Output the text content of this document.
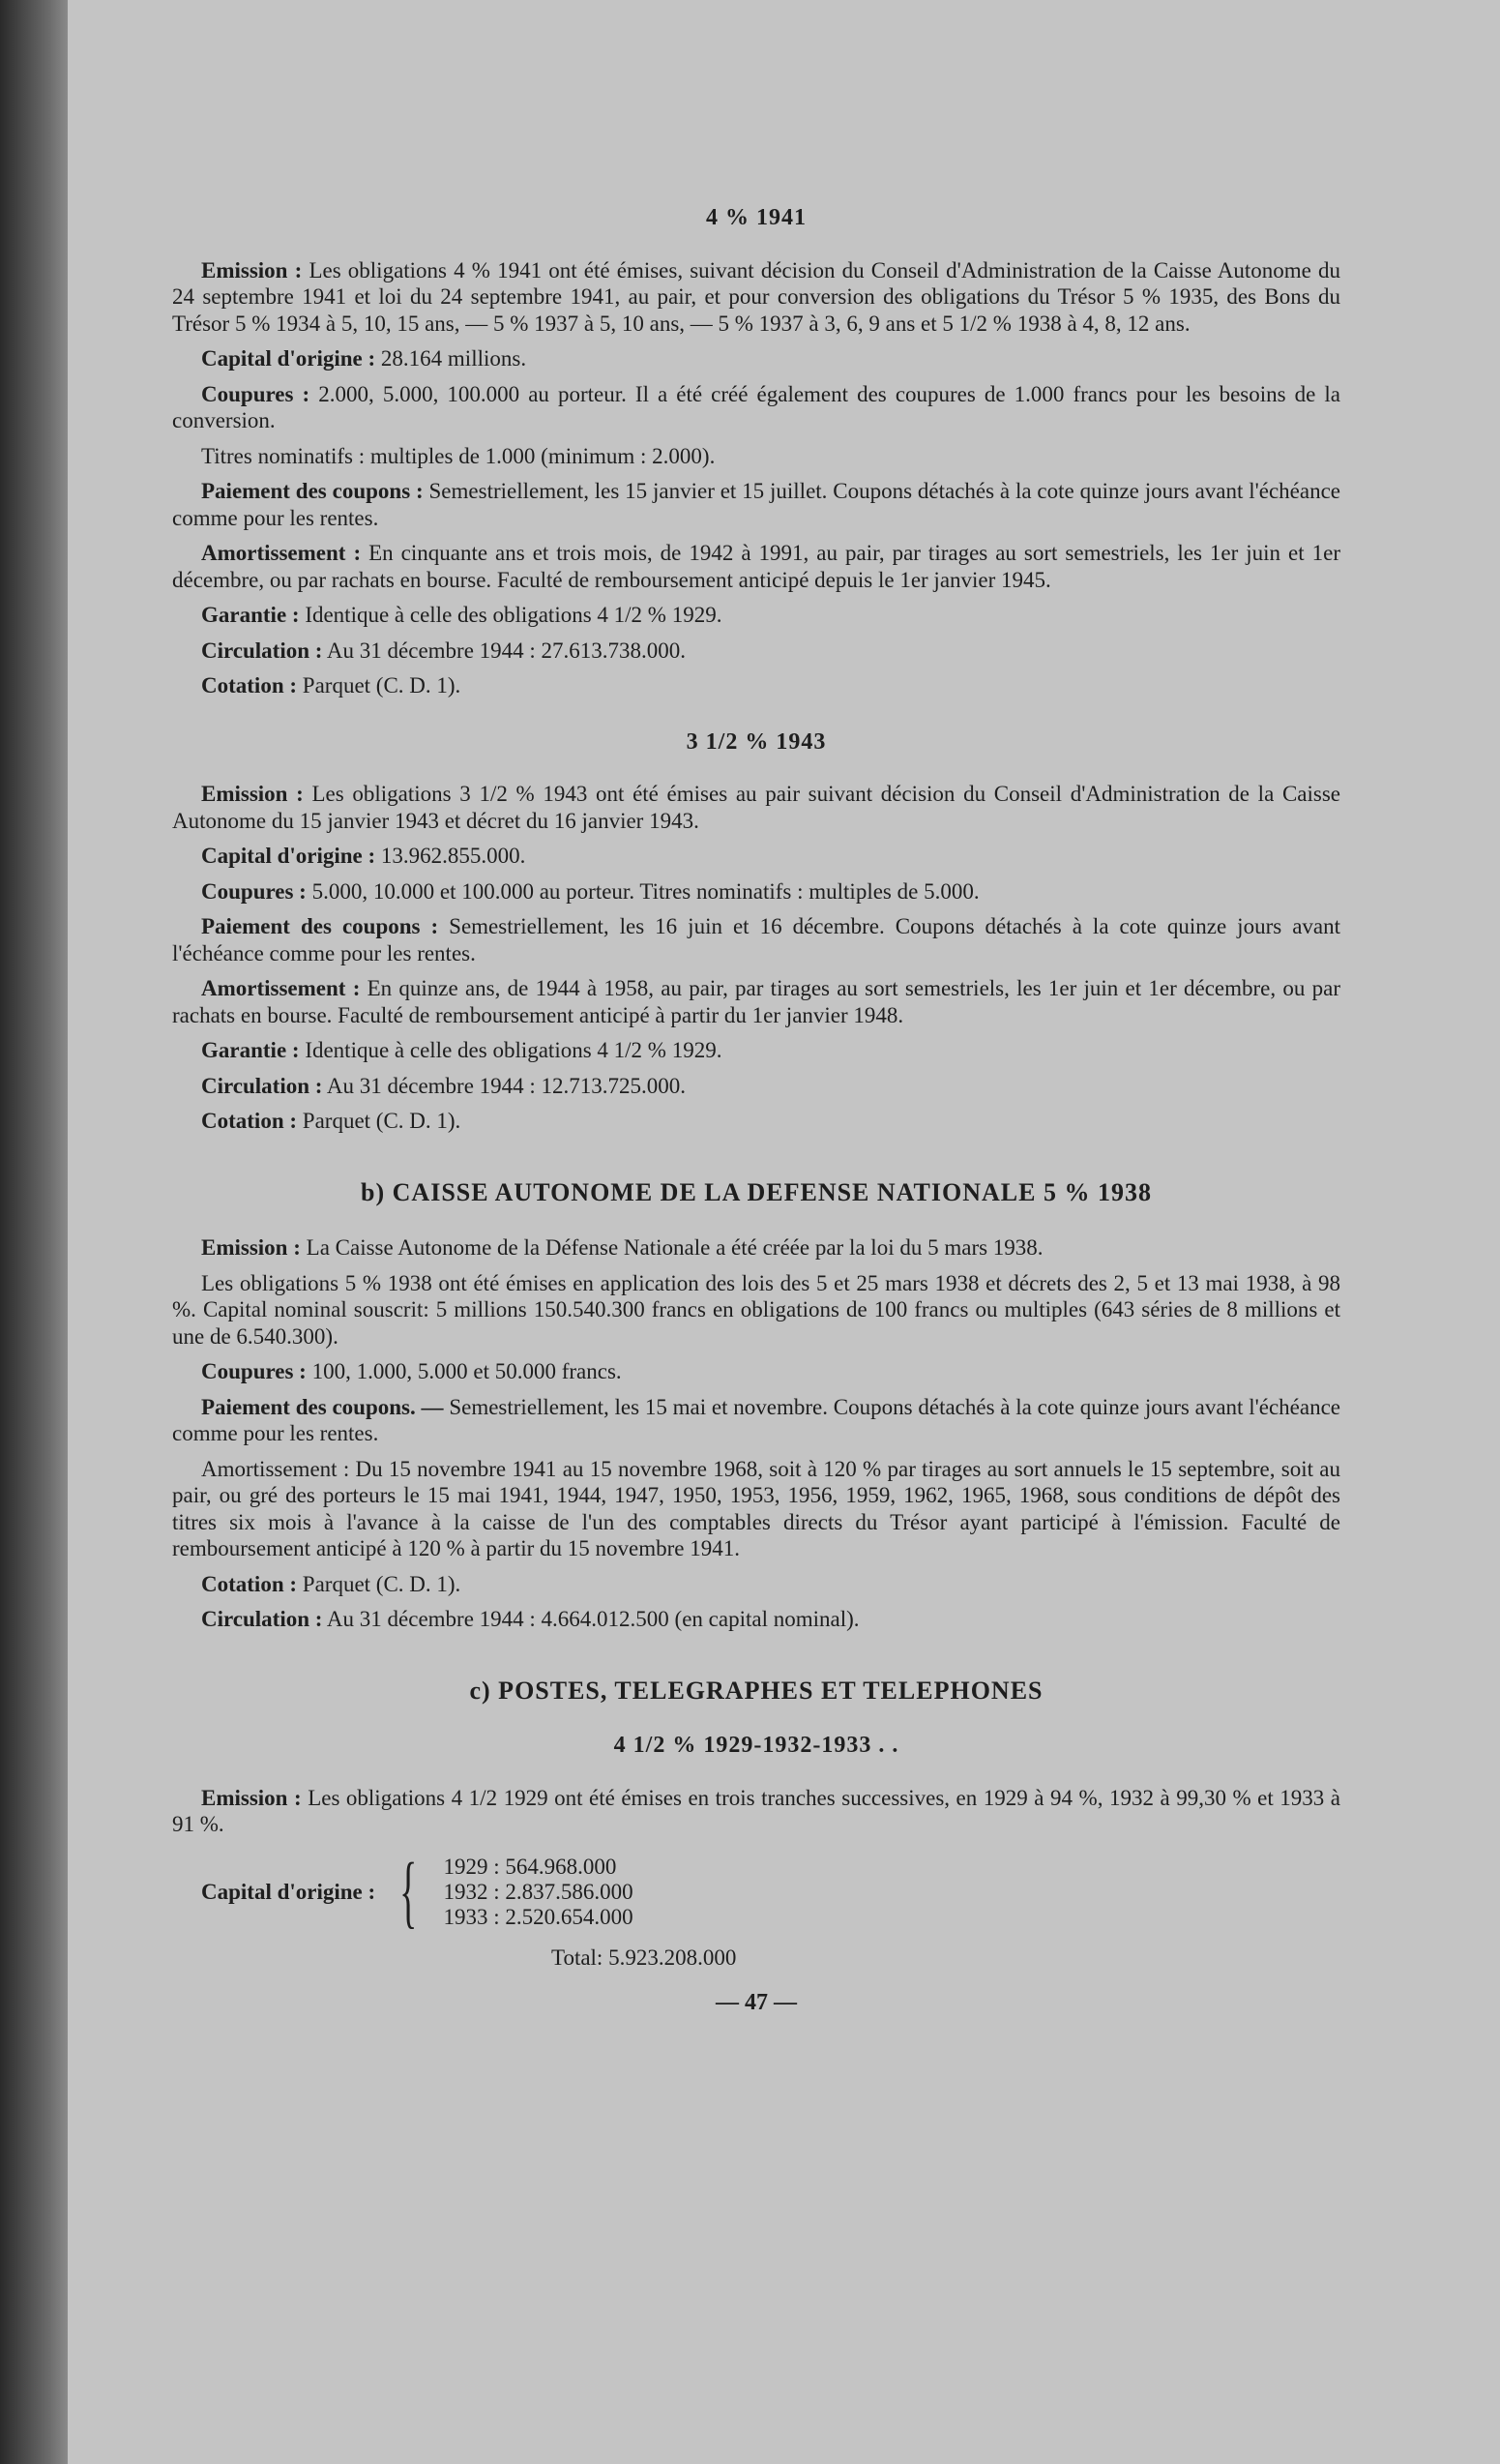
4 % 1941

Emission : Les obligations 4 % 1941 ont été émises, suivant décision du Conseil d'Administration de la Caisse Autonome du 24 septembre 1941 et loi du 24 septembre 1941, au pair, et pour conversion des obligations du Trésor 5 % 1935, des Bons du Trésor 5 % 1934 à 5, 10, 15 ans, — 5 % 1937 à 5, 10 ans, — 5 % 1937 à 3, 6, 9 ans et 5 1/2 % 1938 à 4, 8, 12 ans.

Capital d'origine : 28.164 millions.

Coupures : 2.000, 5.000, 100.000 au porteur. Il a été créé également des coupures de 1.000 francs pour les besoins de la conversion.

Titres nominatifs : multiples de 1.000 (minimum : 2.000).

Paiement des coupons : Semestriellement, les 15 janvier et 15 juillet. Coupons détachés à la cote quinze jours avant l'échéance comme pour les rentes.

Amortissement : En cinquante ans et trois mois, de 1942 à 1991, au pair, par tirages au sort semestriels, les 1er juin et 1er décembre, ou par rachats en bourse. Faculté de remboursement anticipé depuis le 1er janvier 1945.

Garantie : Identique à celle des obligations 4 1/2 % 1929.

Circulation : Au 31 décembre 1944 : 27.613.738.000.

Cotation : Parquet (C. D. 1).

3 1/2 % 1943

Emission : Les obligations 3 1/2 % 1943 ont été émises au pair suivant décision du Conseil d'Administration de la Caisse Autonome du 15 janvier 1943 et décret du 16 janvier 1943.

Capital d'origine : 13.962.855.000.

Coupures : 5.000, 10.000 et 100.000 au porteur. Titres nominatifs : multiples de 5.000.

Paiement des coupons : Semestriellement, les 16 juin et 16 décembre. Coupons détachés à la cote quinze jours avant l'échéance comme pour les rentes.

Amortissement : En quinze ans, de 1944 à 1958, au pair, par tirages au sort semestriels, les 1er juin et 1er décembre, ou par rachats en bourse. Faculté de remboursement anticipé à partir du 1er janvier 1948.

Garantie : Identique à celle des obligations 4 1/2 % 1929.

Circulation : Au 31 décembre 1944 : 12.713.725.000.

Cotation : Parquet (C. D. 1).

b) CAISSE AUTONOME DE LA DEFENSE NATIONALE 5 % 1938

Emission : La Caisse Autonome de la Défense Nationale a été créée par la loi du 5 mars 1938.

Les obligations 5 % 1938 ont été émises en application des lois des 5 et 25 mars 1938 et décrets des 2, 5 et 13 mai 1938, à 98 %. Capital nominal souscrit: 5 millions 150.540.300 francs en obligations de 100 francs ou multiples (643 séries de 8 millions et une de 6.540.300).

Coupures : 100, 1.000, 5.000 et 50.000 francs.

Paiement des coupons. — Semestriellement, les 15 mai et novembre. Coupons détachés à la cote quinze jours avant l'échéance comme pour les rentes.

Amortissement : Du 15 novembre 1941 au 15 novembre 1968, soit à 120 % par tirages au sort annuels le 15 septembre, soit au pair, ou gré des porteurs le 15 mai 1941, 1944, 1947, 1950, 1953, 1956, 1959, 1962, 1965, 1968, sous conditions de dépôt des titres six mois à l'avance à la caisse de l'un des comptables directs du Trésor ayant participé à l'émission. Faculté de remboursement anticipé à 120 % à partir du 15 novembre 1941.

Cotation : Parquet (C. D. 1).

Circulation : Au 31 décembre 1944 : 4.664.012.500 (en capital nominal).

c) POSTES, TELEGRAPHES ET TELEPHONES
4 1/2 % 1929-1932-1933 . .

Emission : Les obligations 4 1/2 1929 ont été émises en trois tranches successives, en 1929 à 94 %, 1932 à 99,30 % et 1933 à 91 %.

Capital d'origine : { 1929 : 564.968.000
1932 : 2.837.586.000
1933 : 2.520.654.000
Total: 5.923.208.000
— 47 —
